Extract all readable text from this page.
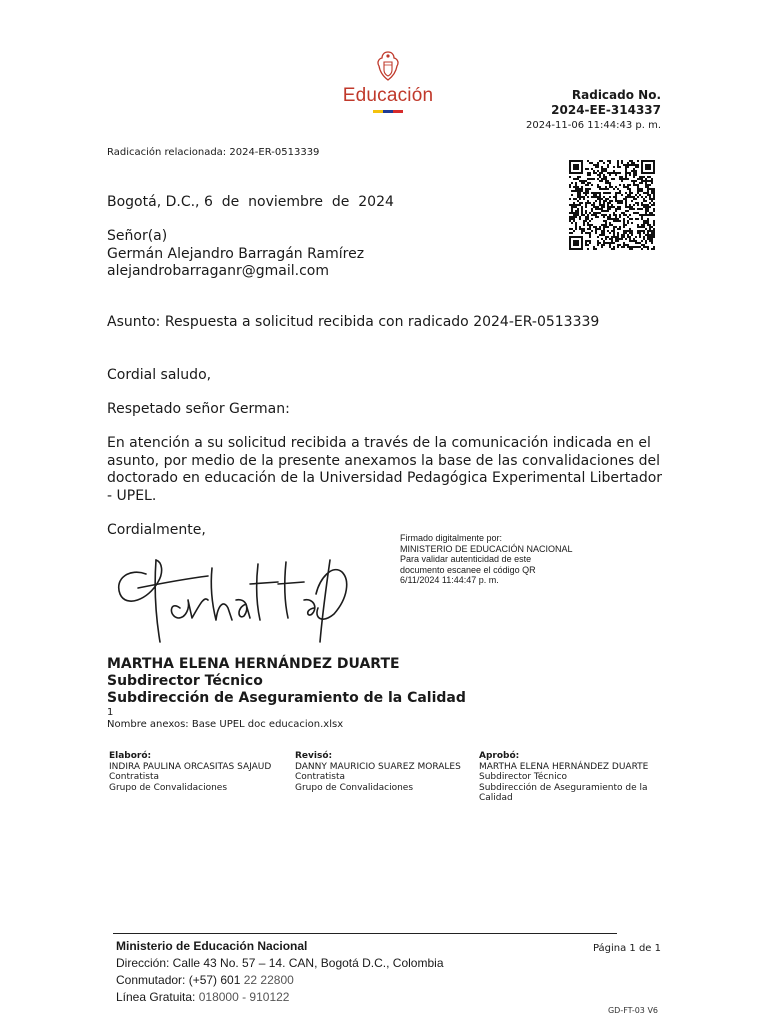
Educación	Radicado No.
2024-EE-314337
2024-11-06 11:44:43 p. m.
Radicación relacionada: 2024-ER-0513339
Bogotá, D.C., 6  de  noviembre  de  2024
Señor(a)
Germán Alejandro Barragán Ramírez
alejandrobarraganr@gmail.com
Asunto: Respuesta a solicitud recibida con radicado 2024-ER-0513339
Cordial saludo,
Respetado señor German:
En atención a su solicitud recibida a través de la comunicación indicada en el
asunto, por medio de la presente anexamos la base de las convalidaciones del
doctorado en educación de la Universidad Pedagógica Experimental Libertador
- UPEL.
Cordialmente,	Firmado digitalmente por:
MINISTERIO DE EDUCACIÓN NACIONAL
Para validar autenticidad de este
documento escanee el código QR
6/11/2024 11:44:47 p. m.
MARTHA ELENA HERNÁNDEZ DUARTE
Subdirector Técnico
Subdirección de Aseguramiento de la Calidad
1
Nombre anexos: Base UPEL doc educacion.xlsx
Elaboró:
INDIRA PAULINA ORCASITAS SAJAUD
Contratista
Grupo de Convalidaciones
Revisó:
DANNY MAURICIO SUAREZ MORALES
Contratista
Grupo de Convalidaciones
Aprobó:
MARTHA ELENA HERNÁNDEZ DUARTE
Subdirector Técnico
Subdirección de Aseguramiento de la
Calidad
Ministerio de Educación Nacional
Dirección: Calle 43 No. 57 – 14. CAN, Bogotá D.C., Colombia
Conmutador: (+57) 601 22 22800
Línea Gratuita: 018000 - 910122
Página 1 de 1
GD-FT-03 V6
